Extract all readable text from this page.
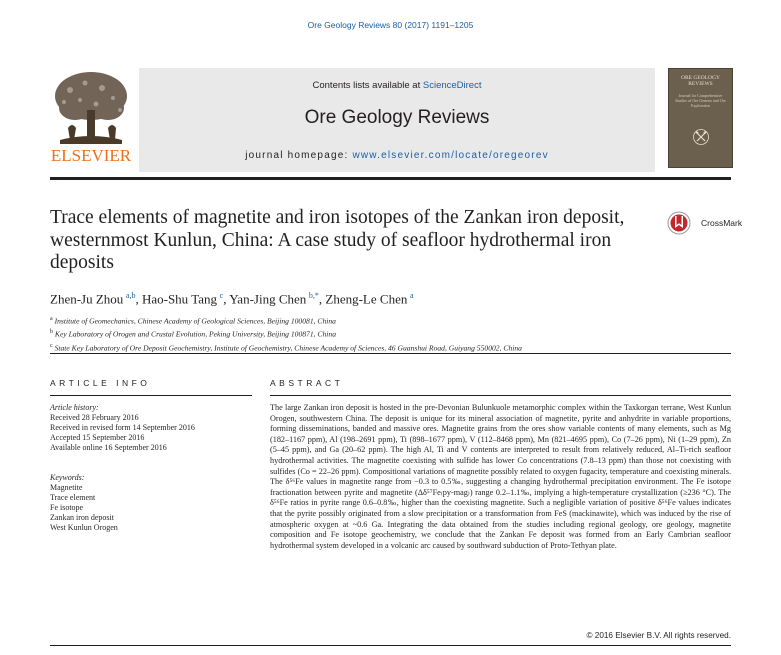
Ore Geology Reviews 80 (2017) 1191–1205
ELSEVIER
Contents lists available at ScienceDirect
Ore Geology Reviews
journal homepage: www.elsevier.com/locate/oregeorev
ORE GEOLOGY REVIEWS
Journal for Comprehensive Studies of Ore Genesis and Ore Exploration
Trace elements of magnetite and iron isotopes of the Zankan iron deposit, westernmost Kunlun, China: A case study of seafloor hydrothermal iron deposits
CrossMark
Zhen-Ju Zhou  $^{a,b}$, Hao-Shu Tang  $^c$, Yan-Jing Chen  $^{b,*}$, Zheng-Le Chen  $^a$
$^a$ Institute of Geomechanics, Chinese Academy of Geological Sciences, Beijing 100081, China
$^b$ Key Laboratory of Orogen and Crustal Evolution, Peking University, Beijing 100871, China
$^c$ State Key Laboratory of Ore Deposit Geochemistry, Institute of Geochemistry, Chinese Academy of Sciences, 46 Guanshui Road, Guiyang 550002, China
ARTICLE INFO	ABSTRACT
Article history:
Received 28 February 2016
Received in revised form 14 September 2016
Accepted 15 September 2016
Available online 16 September 2016
Keywords:
Magnetite
Trace element
Fe isotope
Zankan iron deposit
West Kunlun Orogen

The large Zankan iron deposit is hosted in the pre-Devonian Bulunkuole metamorphic complex within the Taxkorgan terrane, West Kunlun Orogen, southwestern China. The deposit is unique for its mineral association of magnetite, pyrite and anhydrite in variable proportions, forming disseminations, banded and massive ores. Magnetite grains from the ores show variable contents of many elements, such as Mg (182–1167 ppm), Al (198–2691 ppm), Ti (898–1677 ppm), V (112–8468 ppm), Mn (821–4695 ppm), Co (7–26 ppm), Ni (1–29 ppm), Zn (5–45 ppm), and Ga (20–62 ppm). The high Al, Ti and V contents are interpreted to result from relatively reduced, Al–Ti-rich seafloor hydrothermal activities. The magnetite coexisting with sulfide has lower Co concentrations (7.8–13 ppm) than those not coexisting with sulfides (Co = 22–26 ppm). Compositional variations of magnetite possibly related to oxygen fugacity, temperature and coexisting minerals. The δ⁵⁶Fe values in magnetite range from −0.3 to 0.5‰, suggesting a changing hydrothermal precipitation environment. The Fe isotope fractionation between pyrite and magnetite (Δδ⁵⁷Fe₍py-mag₎) range 0.2–1.1‰, implying a high-temperature crystallization (≥236 °C). The δ⁵⁶Fe ratios in pyrite range 0.6–0.8‰, higher than the coexisting magnetite. Such a negligible variation of positive δ⁵⁶Fe values indicates that the pyrite possibly originated from a slow precipitation or a transformation from FeS (mackinawite), which was induced by the rise of atmospheric oxygen at ~0.6 Ga. Integrating the data obtained from the studies including regional geology, ore geology, magnetite composition and Fe isotope geochemistry, we conclude that the Zankan Fe deposit was formed from an Early Cambrian seafloor hydrothermal system developed in a volcanic arc caused by southward subduction of Proto-Tethyan plate.

© 2016 Elsevier B.V. All rights reserved.
